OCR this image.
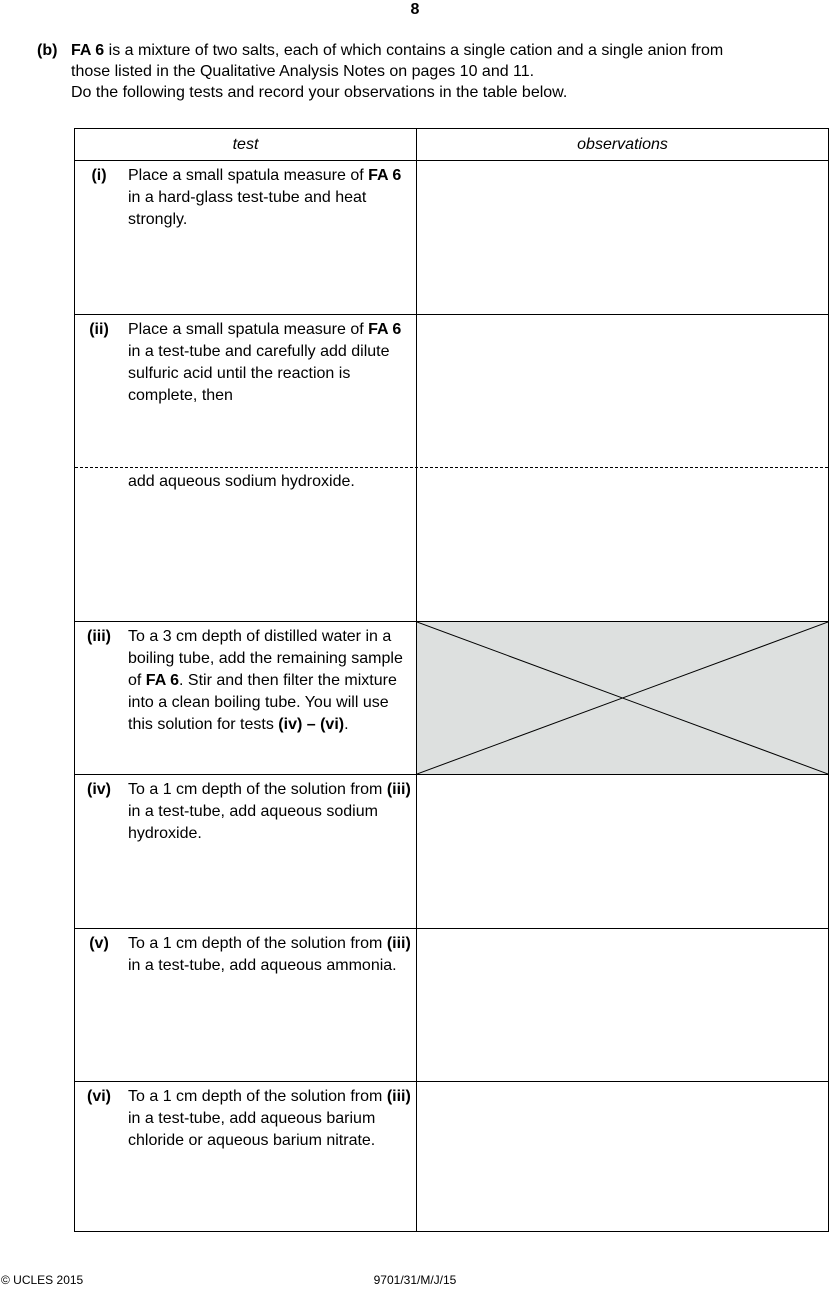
8
(b) FA 6 is a mixture of two salts, each of which contains a single cation and a single anion from

those listed in the Qualitative Analysis Notes on pages 10 and 11.

Do the following tests and record your observations in the table below.

test	observations
(i)	Place a small spatula measure of FA 6 in a hard-glass test-tube and heat strongly.
(ii)	Place a small spatula measure of FA 6 in a test-tube and carefully add dilute sulfuric acid until the reaction is complete, then
add aqueous sodium hydroxide.
(iii)	To a 3 cm depth of distilled water in a boiling tube, add the remaining sample of FA 6. Stir and then filter the mixture into a clean boiling tube. You will use this solution for tests (iv) – (vi).
(iv)	To a 1 cm depth of the solution from (iii) in a test-tube, add aqueous sodium hydroxide.
(v)	To a 1 cm depth of the solution from (iii) in a test-tube, add aqueous ammonia.
(vi)	To a 1 cm depth of the solution from (iii) in a test-tube, add aqueous barium chloride or aqueous barium nitrate.
© UCLES 2015	9701/31/M/J/15
